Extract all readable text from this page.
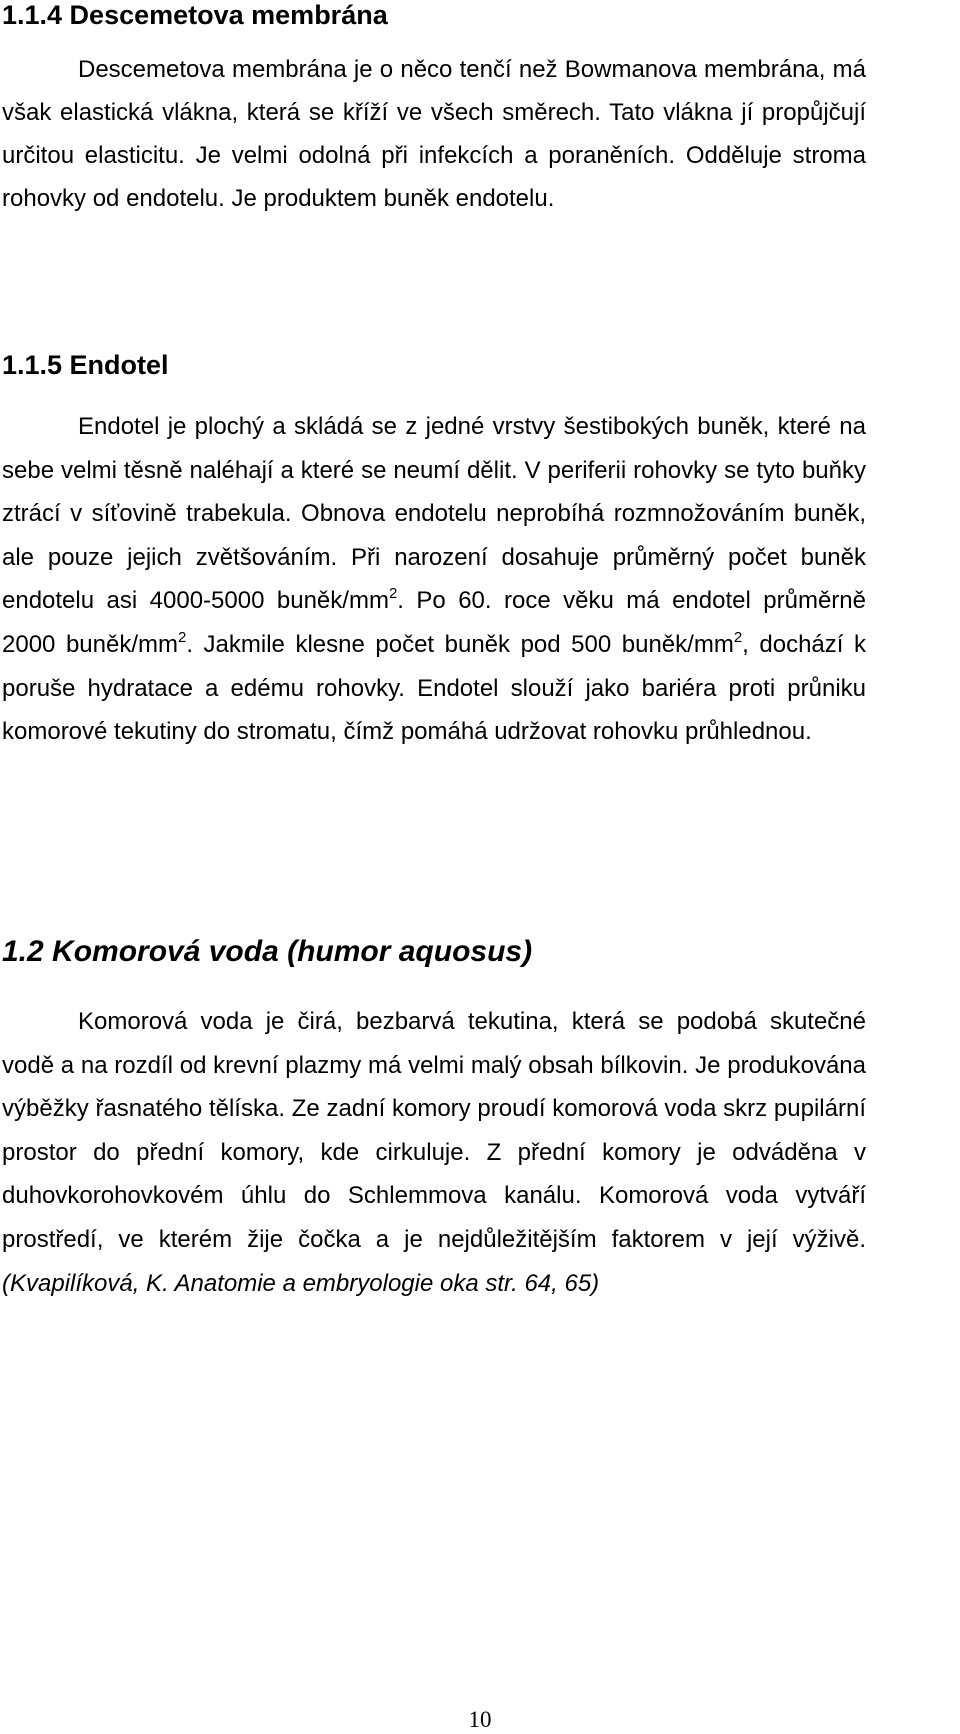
1.1.4 Descemetova membrána

Descemetova membrána je o něco tenčí než Bowmanova membrána, má však elastická vlákna, která se kříží ve všech směrech. Tato vlákna jí propůjčují určitou elasticitu. Je velmi odolná při infekcích a poraněních. Odděluje stroma rohovky od endotelu. Je produktem buněk endotelu.

1.1.5 Endotel

Endotel je plochý a skládá se z jedné vrstvy šestibokých buněk, které na sebe velmi těsně naléhají a které se neumí dělit. V periferii rohovky se tyto buňky ztrácí v síťovině trabekula. Obnova endotelu neprobíhá rozmnožováním buněk, ale pouze jejich zvětšováním. Při narození dosahuje průměrný počet buněk endotelu asi 4000-5000 buněk/$mm^2$. Po 60. roce věku má endotel průměrně 2000 buněk/$mm^2$. Jakmile klesne počet buněk pod 500 buněk/$mm^2$, dochází k poruše hydratace a edému rohovky. Endotel slouží jako bariéra proti průniku komorové tekutiny do stromatu, čímž pomáhá udržovat rohovku průhlednou.

1.2 Komorová voda (humor aquosus)

Komorová voda je čirá, bezbarvá tekutina, která se podobá skutečné vodě a na rozdíl od krevní plazmy má velmi malý obsah bílkovin. Je produkována výběžky řasnatého tělíska. Ze zadní komory proudí komorová voda skrz pupilární prostor do přední komory, kde cirkuluje. Z přední komory je odváděna v duhovkorohovkovém úhlu do Schlemmova kanálu. Komorová voda vytváří prostředí, ve kterém žije čočka a je nejdůležitějším faktorem v její výživě. (Kvapilíková, K. Anatomie a embryologie oka str. 64, 65)

10
